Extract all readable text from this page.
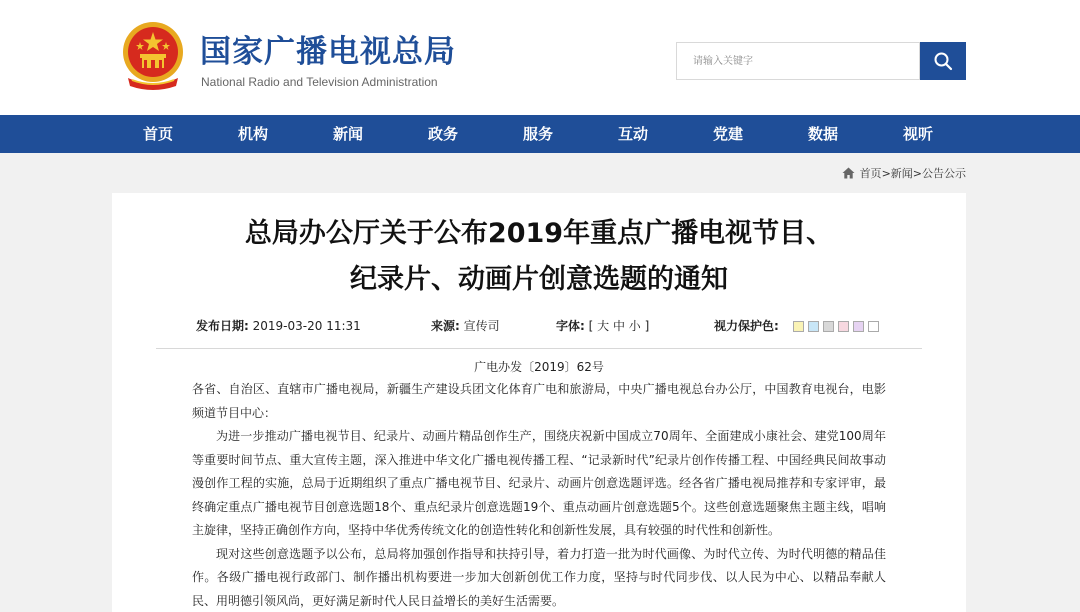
国家广播电视总局
National Radio and Television Administration
请输入关键字
首页	机构	新闻	政务	服务	互动	党建	数据	视听
首页 > 新闻 > 公告公示
总局办公厅关于公布2019年重点广播电视节目、
纪录片、动画片创意选题的通知
发布日期: 2019-03-20 11:31	来源: 宣传司	字体: [ 大 中 小 ]	视力保护色:
广电办发〔2019〕62号

各省、自治区、直辖市广播电视局，新疆生产建设兵团文化体育广电和旅游局，中央广播电视总台办公厅，中国教育电视台，电影频道节目中心：

为进一步推动广播电视节目、纪录片、动画片精品创作生产，围绕庆祝新中国成立70周年、全面建成小康社会、建党100周年等重要时间节点、重大宣传主题，深入推进中华文化广播电视传播工程、“记录新时代”纪录片创作传播工程、中国经典民间故事动漫创作工程的实施，总局于近期组织了重点广播电视节目、纪录片、动画片创意选题评选。经各省广播电视局推荐和专家评审，最终确定重点广播电视节目创意选题18个、重点纪录片创意选题19个、重点动画片创意选题5个。这些创意选题聚焦主题主线，唱响主旋律，坚持正确创作方向，坚持中华优秀传统文化的创造性转化和创新性发展，具有较强的时代性和创新性。

现对这些创意选题予以公布，总局将加强创作指导和扶持引导，着力打造一批为时代画像、为时代立传、为时代明德的精品佳作。各级广播电视行政部门、制作播出机构要进一步加大创新创优工作力度，坚持与时代同步伐、以人民为中心、以精品奉献人民、用明德引领风尚，更好满足新时代人民日益增长的美好生活需要。
